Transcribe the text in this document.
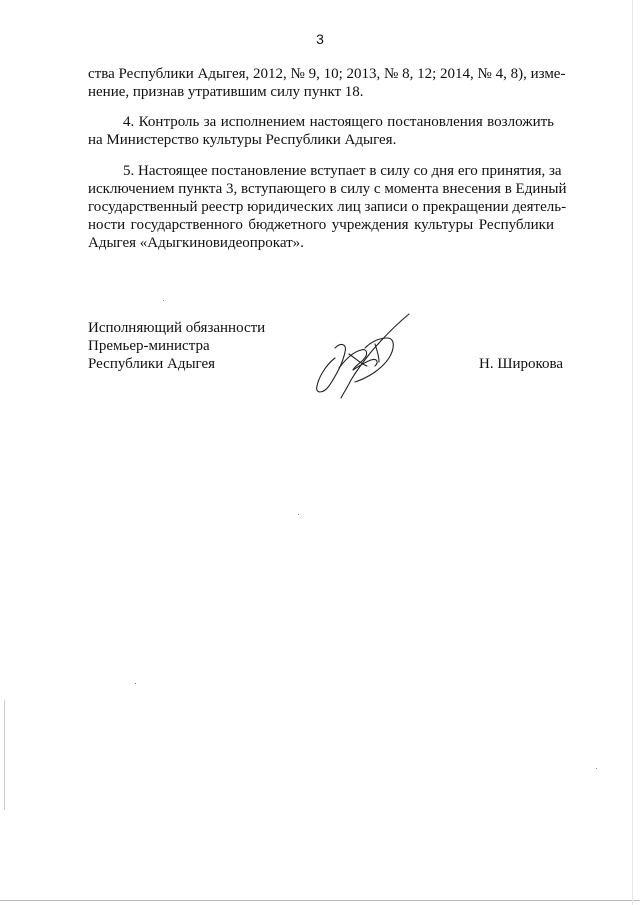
3
ства Республики Адыгея, 2012, № 9, 10; 2013, № 8, 12; 2014, № 4, 8), изме-
нение, признав утратившим силу пункт 18.
4. Контроль за исполнением настоящего постановления возложить
на Министерство культуры Республики Адыгея.
5. Настоящее постановление вступает в силу со дня его принятия, за
исключением пункта 3, вступающего в силу с момента внесения в Единый
государственный реестр юридических лиц записи о прекращении деятель-
ности государственного бюджетного учреждения культуры Республики
Адыгея «Адыгкиновидеопрокат».
Исполняющий обязанности
Премьер-министра
Республики Адыгея	Н. Широкова
